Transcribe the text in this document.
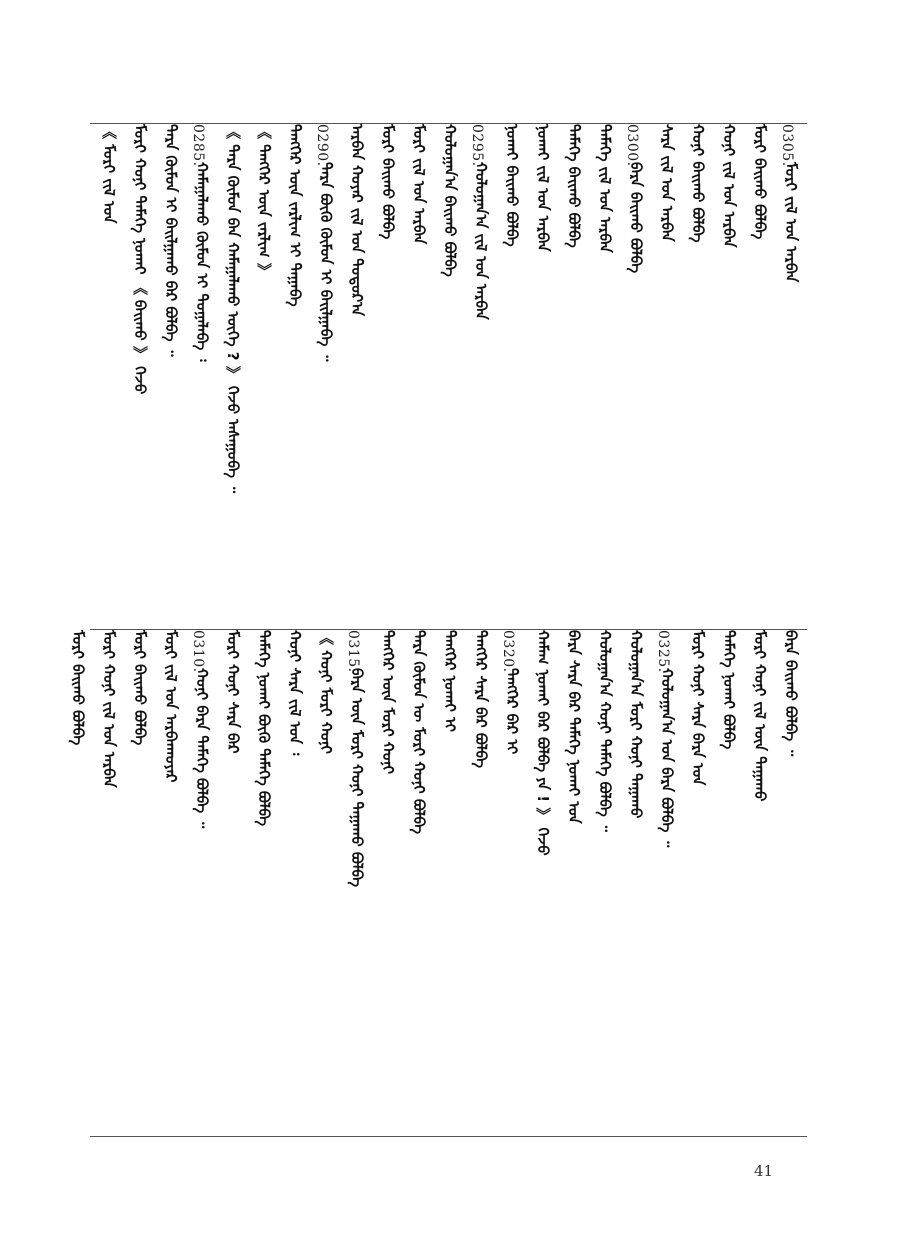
0305.
ᠮᠣᠷᠢ ᠵᠢᠯ ᠤᠨ ᠠᠷᠪᠠᠨ
ᠮᠣᠷᠢ ᠪᠠᠢᠬᠤ ᠪᠣᠯᠪᠠ
ᠬᠣᠨᠢ ᠵᠢᠯ ᠤᠨ ᠠᠷᠪᠠᠨ
ᠬᠣᠨᠢ ᠪᠠᠢᠬᠤ ᠪᠣᠯᠪᠠ
ᠰᠠᠷᠠ ᠵᠢᠯ ᠤᠨ ᠠᠷᠪᠠᠨ
0300.
ᠪᠠᠷᠠ ᠪᠠᠢᠬᠤ ᠪᠣᠯᠪᠠ
ᠲᠡᠮᠡᠭᠡ ᠵᠢᠯ ᠤᠨ ᠠᠷᠪᠠᠨ
ᠲᠡᠮᠡᠭᠡ ᠪᠠᠢᠬᠤ ᠪᠣᠯᠪᠠ
ᠨᠣᠬᠠᠢ ᠵᠢᠯ ᠤᠨ ᠠᠷᠪᠠᠨ
ᠨᠣᠬᠠᠢ ᠪᠠᠢᠬᠤ ᠪᠣᠯᠪᠠ
0295.
ᠬᠣᠯᠤᠭᠠᠨ᠎ᠠ ᠵᠢᠯ ᠤᠨ ᠠᠷᠪᠠᠨ
ᠬᠣᠯᠤᠭᠠᠨ᠎ᠠ ᠪᠠᠢᠬᠤ ᠪᠣᠯᠪᠠ
ᠮᠣᠷᠢ ᠵᠢᠯ ᠤᠨ ᠠᠷᠪᠠᠨ
ᠮᠣᠷᠢ ᠪᠠᠢᠬᠤ ᠪᠣᠯᠪᠠ
ᠠᠷᠪᠠᠨ ᠬᠣᠶᠠᠷ ᠵᠢᠯ ᠤᠨ ᠳᠣᠲᠣᠷ᠎ᠠ
0290.
ᠲᠡᠷᠡ ᠪᠦᠬᠦ ᠬᠦᠮᠦᠨ ᠢ ᠪᠠᠢᠯᠭᠠᠪᠠ ᠃
ᠲᠡᠩᠭᠡᠷ ᠦᠨ ᠵᠠᠷᠯᠢᠭ ᠢ ᠳᠠᠭᠠᠪᠠ
《 ᠲᠡᠩᠭᠡᠷ ᠦᠨ ᠵᠠᠷᠯᠢᠭ 》
《 ᠲᠡᠷᠡ ᠬᠦᠮᠦᠨ ᠪᠡᠨ ᠬᠠᠮᠠᠭᠠᠯᠠᠬᠤ ᠦᠭᠡ ? 》 ᠭᠡᠵᠦ ᠠᠰᠠᠭᠤᠪᠠ ᠃
0285.
ᠬᠠᠮᠠᠭᠠᠯᠠᠬᠤ ᠬᠦᠮᠦᠨ ᠢ ᠲᠣᠭᠠᠯᠠᠪᠠ ᠄
ᠲᠡᠷᠡ ᠬᠦᠮᠦᠨ ᠢ ᠪᠠᠢᠯᠭᠠᠬᠤ ᠪᠡᠷ ᠪᠣᠯᠪᠠ ᠃
ᠮᠣᠷᠢ ᠬᠣᠨᠢ ᠲᠡᠮᠡᠭᠡ ᠨᠣᠬᠠᠢ 《 ᠪᠠᠢᠬᠤ 》 ᠭᠡᠵᠦ
《 ᠮᠣᠷᠢ ᠵᠢᠯ ᠤᠨ
ᠪᠠᠷᠠ ᠪᠠᠢᠬᠤ ᠪᠣᠯᠪᠠ ᠃
ᠮᠣᠷᠢ ᠬᠣᠨᠢ ᠵᠢᠯ ᠦᠨ ᠳᠠᠭᠠᠬᠤ
ᠲᠡᠮᠡᠭᠡ ᠨᠣᠬᠠᠢ ᠪᠣᠯᠪᠠ
ᠮᠣᠷᠢ ᠬᠣᠨᠢ ᠰᠠᠷᠠ ᠪᠠᠷᠠ ᠤᠨ
0325.
ᠬᠣᠯᠤᠭᠠᠨ᠎ᠠ ᠤᠨ ᠪᠠᠷᠠ ᠪᠣᠯᠪᠠ ᠃
ᠬᠣᠯᠤᠭᠠᠨ᠎ᠠ ᠮᠣᠷᠢ ᠬᠣᠨᠢ ᠳᠠᠭᠠᠬᠤ
ᠬᠣᠯᠤᠭᠠᠨ᠎ᠠ ᠬᠣᠨᠢ ᠲᠡᠮᠡᠭᠡ ᠪᠣᠯᠪᠠ ᠃
ᠪᠠᠷᠠ ᠰᠠᠷᠠ ᠪᠡᠷ ᠲᠡᠮᠡᠭᠡ ᠨᠣᠬᠠᠢ ᠤᠨ
ᠬᠠᠮᠠᠭ ᠨᠣᠬᠠᠢ ᠪᠡᠷ ᠪᠣᠯᠪᠠ ᠶᠠ ! 》 ᠭᠡᠵᠦ
0320.
ᠲᠡᠩᠭᠡᠷ ᠪᠡᠷ ᠢ
ᠲᠡᠩᠭᠡᠷ ᠰᠠᠷᠠ ᠪᠡᠷ ᠪᠣᠯᠪᠠ
ᠲᠡᠩᠭᠡᠷ ᠨᠣᠬᠠᠢ ᠢ
ᠲᠡᠷᠡ ᠬᠦᠮᠦᠨ ᠦ ᠮᠣᠷᠢ ᠬᠣᠨᠢ ᠪᠣᠯᠪᠠ
ᠲᠡᠩᠭᠡᠷ ᠦᠨ ᠮᠣᠷᠢ ᠬᠣᠨᠢ
0315.
ᠪᠠᠷᠠ ᠦᠨ ᠮᠣᠷᠢ ᠬᠣᠨᠢ ᠳᠠᠭᠠᠬᠤ ᠪᠣᠯᠪᠠ
《 ᠬᠣᠨᠢ ᠮᠣᠷᠢ ᠬᠣᠨᠢ
ᠬᠣᠨᠢ ᠰᠠᠷᠠ ᠵᠢᠯ ᠤᠨ ᠄
ᠲᠡᠮᠡᠭᠡ ᠨᠣᠬᠠᠢ ᠪᠦᠬᠦ ᠲᠡᠮᠡᠭᠡ ᠪᠣᠯᠪᠠ
ᠮᠣᠷᠢ ᠬᠣᠨᠢ ᠰᠠᠷᠠ ᠪᠡᠷ
0310.
ᠬᠣᠨᠢ ᠪᠠᠷᠠ ᠲᠡᠮᠡᠭᠡ ᠪᠣᠯᠪᠠ ᠃
ᠮᠣᠷᠢ ᠵᠢᠯ ᠤᠨ ᠠᠷᠪᠠᠨᠬᠣᠶᠠᠷ
ᠮᠣᠷᠢ ᠪᠠᠢᠬᠤ ᠪᠣᠯᠪᠠ
ᠮᠣᠷᠢ ᠬᠣᠨᠢ ᠵᠢᠯ ᠤᠨ ᠠᠷᠪᠠᠨ
ᠮᠣᠷᠢ ᠪᠠᠢᠬᠤ ᠪᠣᠯᠪᠠ
41
